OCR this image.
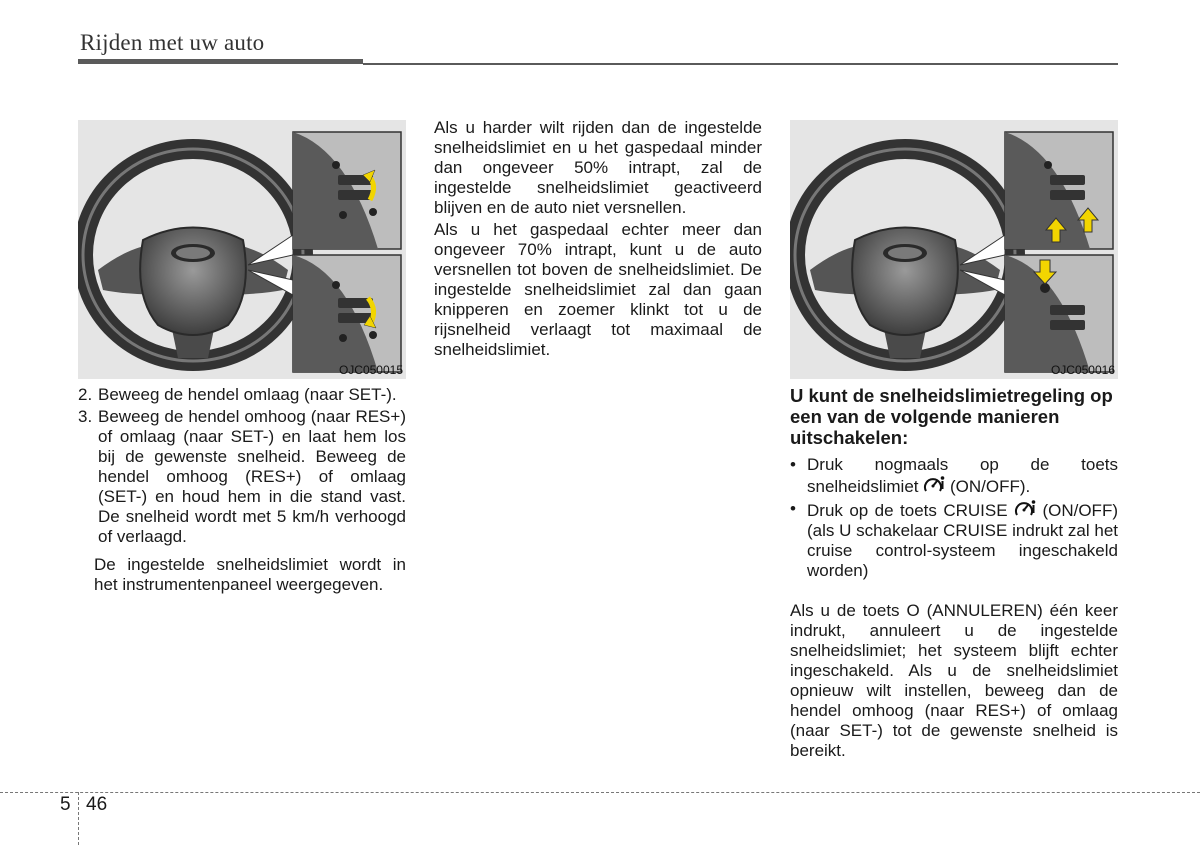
Rijden met uw auto
OJC050015	OJC050016

Als u harder wilt rijden dan de ingestelde snelheidslimiet en u het gaspedaal minder dan ongeveer 50% intrapt, zal de ingestelde snelheidslimiet geactiveerd blijven en de auto niet versnellen.

Als u het gaspedaal echter meer dan ongeveer 70% intrapt, kunt u de auto versnellen tot boven de snelheidslimiet. De ingestelde snelheidslimiet zal dan gaan knipperen en zoemer klinkt tot u de rijsnelheid verlaagt tot maximaal de snelheidslimiet.

2. Beweeg de hendel omlaag (naar SET-).
3. Beweeg de hendel omhoog (naar RES+) of omlaag (naar SET-) en laat hem los bij de gewenste snelheid. Beweeg de hendel omhoog (RES+) of omlaag (SET-) en houd hem in die stand vast. De snelheid wordt met 5 km/h verhoogd of verlaagd.
De ingestelde snelheidslimiet wordt in het instrumentenpaneel weergegeven.
U kunt de snelheidslimietregeling op een van de volgende manieren uitschakelen:
• Druk nogmaals op de toets snelheidslimiet  (ON/OFF).
• Druk op de toets CRUISE  (ON/OFF) (als U schakelaar CRUISE indrukt zal het cruise control-systeem ingeschakeld worden)
Als u de toets O (ANNULEREN) één keer indrukt, annuleert u de ingestelde snelheidslimiet; het systeem blijft echter ingeschakeld. Als u de snelheidslimiet opnieuw wilt instellen, beweeg dan de hendel omhoog (naar RES+) of omlaag (naar SET-) tot de gewenste snelheid is bereikt.
5 46
